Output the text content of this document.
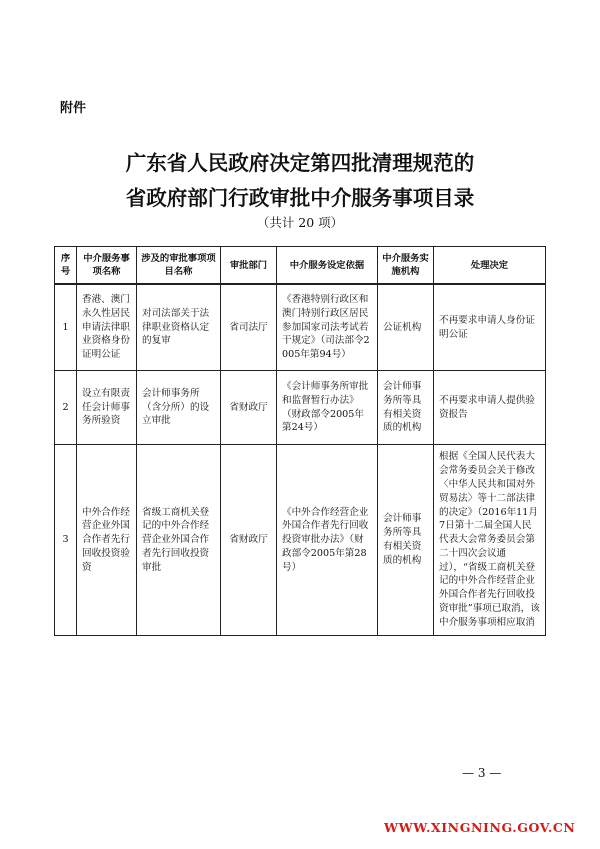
附件
广东省人民政府决定第四批清理规范的
省政府部门行政审批中介服务事项目录
（共计 20 项）
序号	中介服务事项名称	涉及的审批事项项目名称	审批部门	中介服务设定依据	中介服务实施机构	处理决定
1	香港、澳门永久性居民申请法律职业资格身份证明公证	对司法部关于法律职业资格认定的复审	省司法厅	《香港特别行政区和澳门特别行政区居民参加国家司法考试若干规定》（司法部令2005年第94号）	公证机构	不再要求申请人身份证明公证
2	设立有限责任会计师事务所验资	会计师事务所（含分所）的设立审批	省财政厅	《会计师事务所审批和监督暂行办法》（财政部令2005年第24号）	会计师事务所等具有相关资质的机构	不再要求申请人提供验资报告
3	中外合作经营企业外国合作者先行回收投资验资	省级工商机关登记的中外合作经营企业外国合作者先行回收投资审批	省财政厅	《中外合作经营企业外国合作者先行回收投资审批办法》（财政部令2005年第28号）	会计师事务所等具有相关资质的机构	根据《全国人民代表大会常务委员会关于修改〈中华人民共和国对外贸易法〉等十二部法律的决定》（2016年11月7日第十二届全国人民代表大会常务委员会第二十四次会议通过），“省级工商机关登记的中外合作经营企业外国合作者先行回收投资审批”事项已取消，该中介服务事项相应取消
— 3 —
WWW.XINGNING.GOV.CN
